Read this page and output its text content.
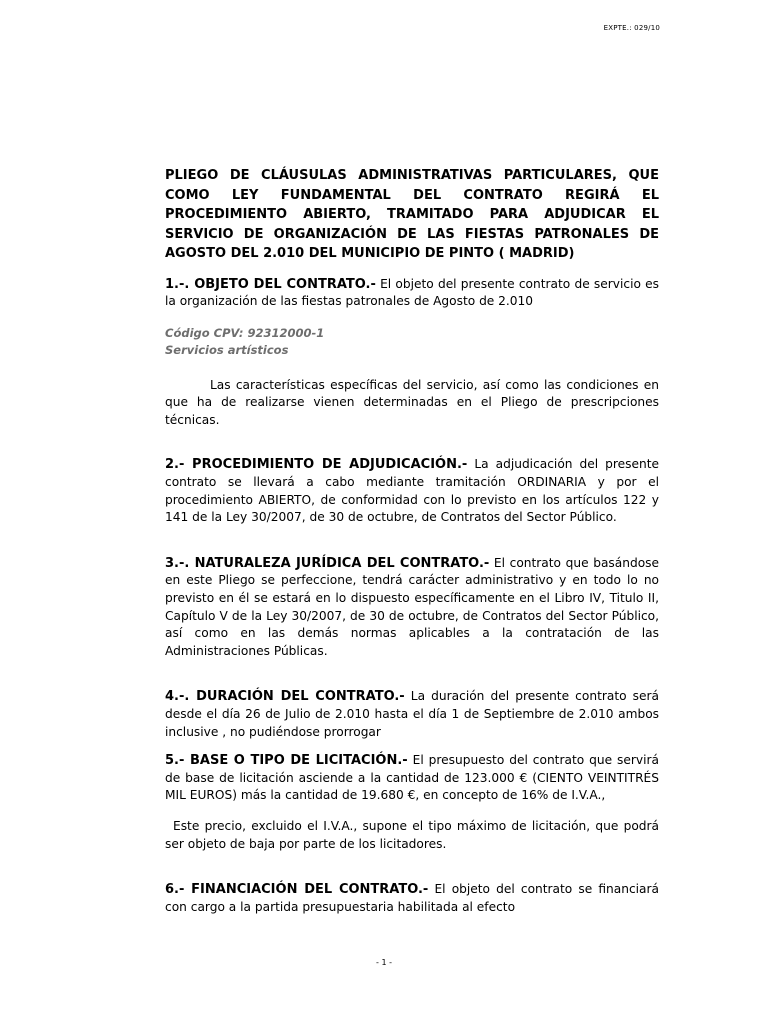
EXPTE.: 029/10

PLIEGO DE CLÁUSULAS ADMINISTRATIVAS PARTICULARES, QUE COMO LEY FUNDAMENTAL DEL CONTRATO REGIRÁ EL PROCEDIMIENTO ABIERTO, TRAMITADO PARA ADJUDICAR EL SERVICIO DE ORGANIZACIÓN DE LAS FIESTAS PATRONALES DE AGOSTO DEL 2.010 DEL MUNICIPIO DE PINTO ( MADRID)

1.-. OBJETO DEL CONTRATO.- El objeto del presente contrato de servicio es la organización de las fiestas patronales de Agosto de 2.010

Código CPV: 92312000-1

Servicios artísticos

Las características específicas del servicio, así como las condiciones en que ha de realizarse vienen determinadas en el Pliego de prescripciones técnicas.

2.- PROCEDIMIENTO DE ADJUDICACIÓN.- La adjudicación del presente contrato se llevará a cabo mediante tramitación ORDINARIA y por el procedimiento ABIERTO, de conformidad con lo previsto en los artículos 122 y 141 de la Ley 30/2007, de 30 de octubre, de Contratos del Sector Público.

3.-. NATURALEZA JURÍDICA DEL CONTRATO.- El contrato que basándose en este Pliego se perfeccione, tendrá carácter administrativo y en todo lo no previsto en él se estará en lo dispuesto específicamente en el Libro IV, Titulo II, Capítulo V de la Ley 30/2007, de 30 de octubre, de Contratos del Sector Público, así como en las demás normas aplicables a la contratación de las Administraciones Públicas.

4.-. DURACIÓN DEL CONTRATO.- La duración del presente contrato será desde el día 26 de Julio de 2.010 hasta el día 1 de Septiembre de 2.010 ambos inclusive , no pudiéndose prorrogar

5.- BASE O TIPO DE LICITACIÓN.- El presupuesto del contrato que servirá de base de licitación asciende a la cantidad de 123.000 € (CIENTO VEINTITRÉS MIL EUROS) más la cantidad de 19.680 €, en concepto de 16% de I.V.A.,

Este precio, excluido el I.V.A., supone el tipo máximo de licitación, que podrá ser objeto de baja por parte de los licitadores.

6.- FINANCIACIÓN DEL CONTRATO.- El objeto del contrato se financiará con cargo a la partida presupuestaria habilitada al efecto

- 1 -
